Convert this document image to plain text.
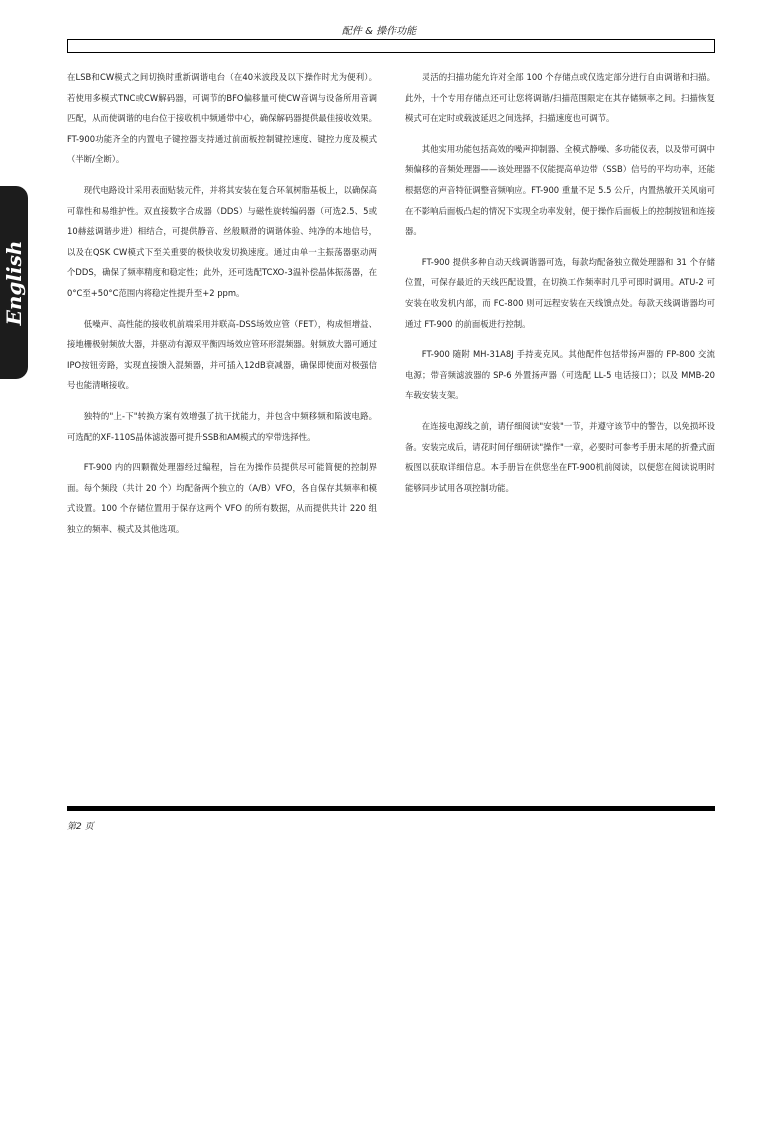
配件 & 操作功能
English

在LSB和CW模式之间切换时重新调谐电台（在40米波段及以下操作时尤为便利）。若使用多模式TNC或CW解码器，可调节的BFO偏移量可使CW音调与设备所用音调匹配，从而使调谐的电台位于接收机中频通带中心，确保解码器提供最佳接收效果。FT-900功能齐全的内置电子键控器支持通过前面板控制键控速度、键控力度及模式（半断/全断）。

现代电路设计采用表面贴装元件，并将其安装在复合环氧树脂基板上，以确保高可靠性和易维护性。双直接数字合成器（DDS）与磁性旋转编码器（可选2.5、5或10赫兹调谐步进）相结合，可提供静音、丝般顺滑的调谐体验、纯净的本地信号，以及在QSK CW模式下至关重要的极快收发切换速度。通过由单一主振荡器驱动两个DDS，确保了频率精度和稳定性；此外，还可选配TCXO-3温补偿晶体振荡器，在0°C至+50°C范围内将稳定性提升至+2 ppm。

低噪声、高性能的接收机前端采用并联高-DSS场效应管（FET），构成恒增益、接地栅极射频放大器，并驱动有源双平衡四场效应管环形混频器。射频放大器可通过IPO按钮旁路，实现直接馈入混频器，并可插入12dB衰减器，确保即使面对极强信号也能清晰接收。

独特的"上-下"转换方案有效增强了抗干扰能力，并包含中频移频和陷波电路。可选配的XF-110S晶体滤波器可提升SSB和AM模式的窄带选择性。

FT-900 内的四颗微处理器经过编程，旨在为操作员提供尽可能简便的控制界面。每个频段（共计 20 个）均配备两个独立的（A/B）VFO，各自保存其频率和模式设置。100 个存储位置用于保存这两个 VFO 的所有数据，从而提供共计 220 组独立的频率、模式及其他选项。

灵活的扫描功能允许对全部 100 个存储点或仅选定部分进行自由调谐和扫描。此外，十个专用存储点还可让您将调谐/扫描范围限定在其存储频率之间。扫描恢复模式可在定时或载波延迟之间选择，扫描速度也可调节。

其他实用功能包括高效的噪声抑制器、全模式静噪、多功能仪表，以及带可调中频偏移的音频处理器——该处理器不仅能提高单边带（SSB）信号的平均功率，还能根据您的声音特征调整音频响应。FT-900 重量不足 5.5 公斤，内置热敏开关风扇可在不影响后面板凸起的情况下实现全功率发射，便于操作后面板上的控制按钮和连接器。

FT-900 提供多种自动天线调谐器可选，每款均配备独立微处理器和 31 个存储位置，可保存最近的天线匹配设置，在切换工作频率时几乎可即时调用。ATU-2 可安装在收发机内部，而 FC-800 则可远程安装在天线馈点处。每款天线调谐器均可通过 FT-900 的前面板进行控制。

FT-900 随附 MH-31A8J 手持麦克风。其他配件包括带扬声器的 FP-800 交流电源；带音频滤波器的 SP-6 外置扬声器（可选配 LL-5 电话接口）；以及 MMB-20 车载安装支架。

在连接电源线之前，请仔细阅读"安装"一节，并遵守该节中的警告，以免损坏设备。安装完成后，请花时间仔细研读"操作"一章，必要时可参考手册末尾的折叠式面板图以获取详细信息。本手册旨在供您坐在FT-900机前阅读，以便您在阅读说明时能够同步试用各项控制功能。

第2 页
